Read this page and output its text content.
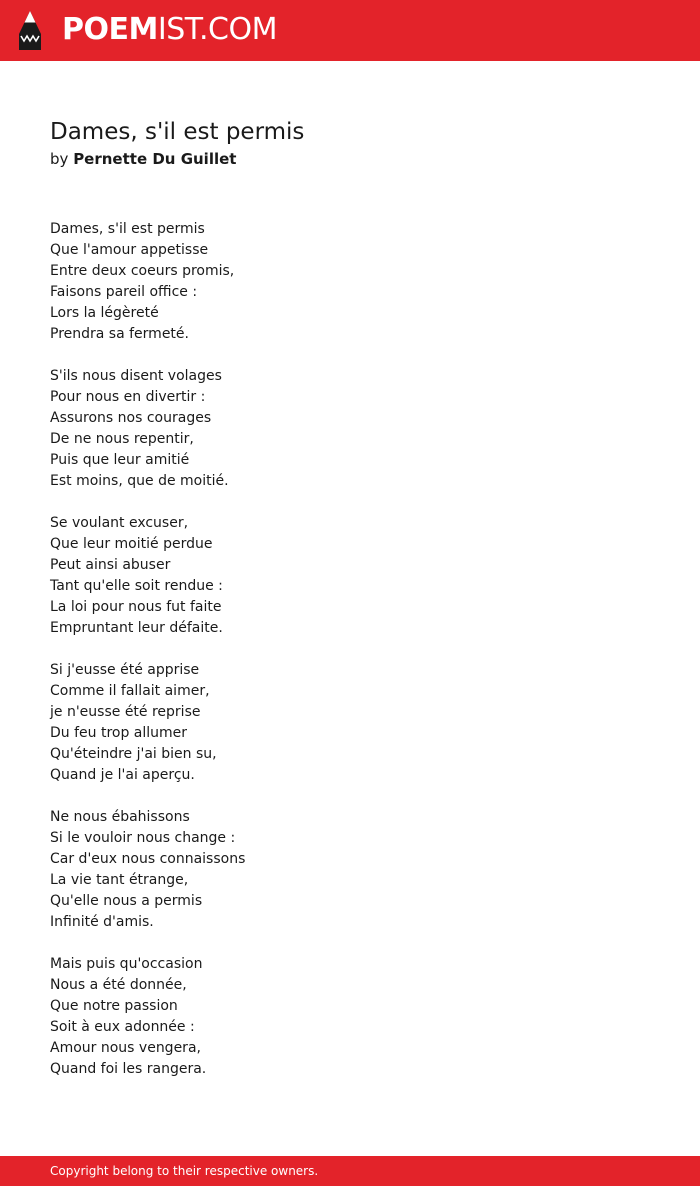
POEMIST.COM
Dames, s'il est permis
by Pernette Du Guillet
Dames, s'il est permis
Que l'amour appetisse
Entre deux coeurs promis,
Faisons pareil office :
Lors la légèreté
Prendra sa fermeté.
S'ils nous disent volages
Pour nous en divertir :
Assurons nos courages
De ne nous repentir,
Puis que leur amitié
Est moins, que de moitié.
Se voulant excuser,
Que leur moitié perdue
Peut ainsi abuser
Tant qu'elle soit rendue :
La loi pour nous fut faite
Empruntant leur défaite.
Si j'eusse été apprise
Comme il fallait aimer,
je n'eusse été reprise
Du feu trop allumer
Qu'éteindre j'ai bien su,
Quand je l'ai aperçu.
Ne nous ébahissons
Si le vouloir nous change :
Car d'eux nous connaissons
La vie tant étrange,
Qu'elle nous a permis
Infinité d'amis.
Mais puis qu'occasion
Nous a été donnée,
Que notre passion
Soit à eux adonnée :
Amour nous vengera,
Quand foi les rangera.
Copyright belong to their respective owners.
